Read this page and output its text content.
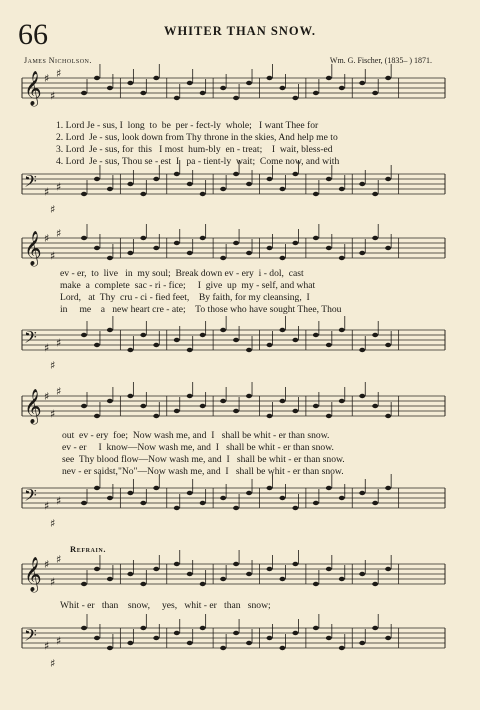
66	WHITER THAN SNOW.
James Nicholson.	Wm. G. Fischer, (1835– ) 1871.
𝄞 ♯
♯
♯
1. Lord Je - sus, I  long  to  be  per - fect-ly  whole;   I want Thee for
2. Lord  Je - sus, look down from Thy throne in the skies, And help me to
3. Lord  Je - sus, for  this   I most  hum-bly  en - treat;    I  wait, bless-ed
4. Lord  Je - sus, Thou se - est  I   pa - tient-ly  wait;  Come now, and with
𝄢 ♯
♯
♯
𝄞 ♯
♯
♯
ev - er,  to  live   in  my soul;  Break down ev - ery  i - dol,  cast
make  a  complete  sac - ri - fice;     I  give  up  my - self, and what
Lord,   at  Thy  cru - ci - fied feet,    By faith, for my cleansing,  I
in     me    a   new heart cre - ate;    To those who have sought Thee, Thou
𝄢 ♯
♯
♯
𝄞 ♯
♯
♯
out  ev - ery  foe;  Now wash me, and  I   shall be whit - er than snow.
ev - er     I  know—Now wash me, and  I   shall be whit - er than snow.
see  Thy blood flow—Now wash me, and  I   shall be whit - er than snow.
nev - er saidst,"No"—Now wash me, and  I   shall be whit - er than snow.
𝄢 ♯
♯
♯
Refrain.
𝄞 ♯
♯
♯
Whit - er   than    snow,     yes,   whit - er   than   snow;
𝄢 ♯
♯
♯
